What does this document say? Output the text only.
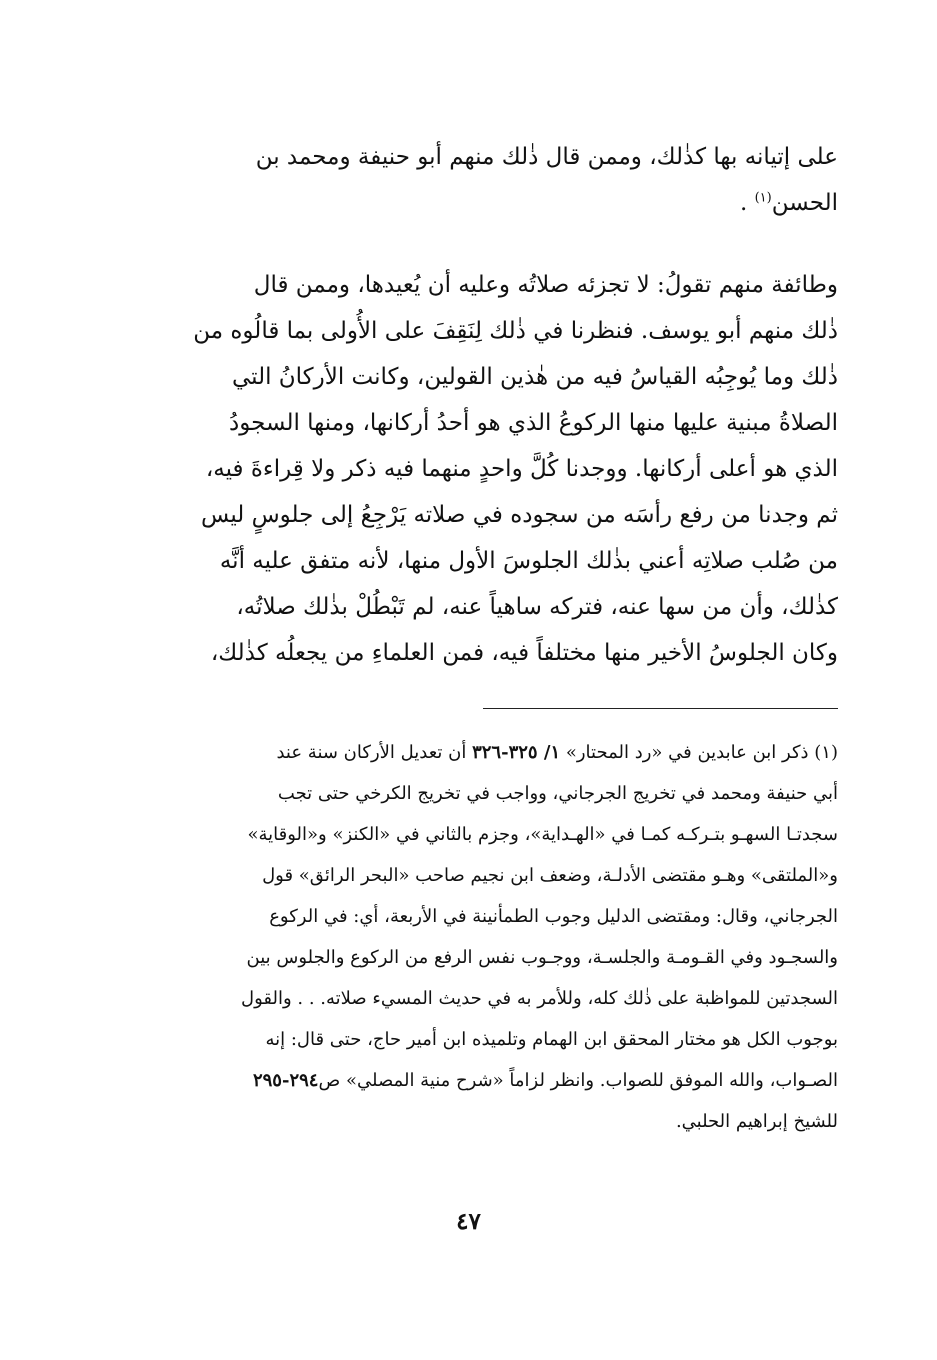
على إتيانه بها كذٰلك، وممن قال ذٰلك منهم أبو حنيفة ومحمد بن
الحسن$^{(١)}$ .
وطائفة منهم تقولُ: لا تجزئه صلاتُه وعليه أن يُعيدها، وممن قال
ذٰلك منهم أبو يوسف. فنظرنا في ذٰلك لِنَقِفَ على الأُولى بما قالُوه من
ذٰلك وما يُوجِبُه القياسُ فيه من هٰذين القولين، وكانت الأركانُ التي
الصلاةُ مبنية عليها منها الركوعُ الذي هو أحدُ أركانها، ومنها السجودُ
الذي هو أعلى أركانها. ووجدنا كُلَّ واحدٍ منهما فيه ذكر ولا قِراءةَ فيه،
ثم وجدنا من رفع رأسَه من سجوده في صلاته يَرْجِعُ إلى جلوسٍ ليس
من صُلب صلاتِه أعني بذٰلك الجلوسَ الأول منها، لأنه متفق عليه أنَّه
كذٰلك، وأن من سها عنه، فتركه ساهياً عنه، لم تَبْطُلْ بذٰلك صلاتُه،
وكان الجلوسُ الأخير منها مختلفاً فيه، فمن العلماءِ من يجعلُه كذٰلك،
(١) ذكر ابن عابدين في «رد المحتار» ١/ ٣٢٥-٣٢٦ أن تعديل الأركان سنة عند
أبي حنيفة ومحمد في تخريج الجرجاني، وواجب في تخريج الكرخي حتى تجب
سجدتـا السهـو بتـركـه كمـا في «الهـداية»، وجزم بالثاني في «الكنز» و«الوقاية»
و«الملتقى» وهـو مقتضى الأدلـة، وضعف ابن نجيم صاحب «البحر الرائق» قول
الجرجاني، وقال: ومقتضى الدليل وجوب الطمأنينة في الأربعة، أي: في الركوع
والسجـود وفي القـومـة والجلسـة، ووجـوب نفس الرفع من الركوع والجلوس بين
السجدتين للمواظبة على ذٰلك كله، وللأمر به في حديث المسيء صلاته. . . والقول
بوجوب الكل هو مختار المحقق ابن الهمام وتلميذه ابن أمير حاج، حتى قال: إنه
الصـواب، والله الموفق للصواب. وانظر لزاماً «شرح منية المصلي» ص٢٩٤-٢٩٥
للشيخ إبراهيم الحلبي.
٤٧
